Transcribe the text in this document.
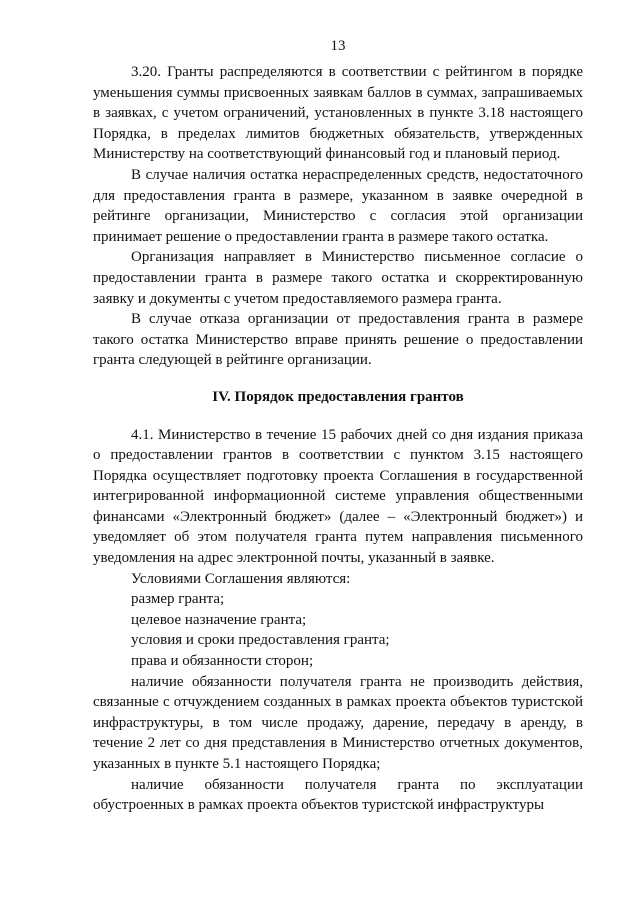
13

3.20. Гранты распределяются в соответствии с рейтингом в порядке уменьшения суммы присвоенных заявкам баллов в суммах, запрашиваемых в заявках, с учетом ограничений, установленных в пункте 3.18 настоящего Порядка, в пределах лимитов бюджетных обязательств, утвержденных Министерству на соответствующий финансовый год и плановый период.

В случае наличия остатка нераспределенных средств, недостаточного для предоставления гранта в размере, указанном в заявке очередной в рейтинге организации, Министерство с согласия этой организации принимает решение о предоставлении гранта в размере такого остатка.

Организация направляет в Министерство письменное согласие о предоставлении гранта в размере такого остатка и скорректированную заявку и документы с учетом предоставляемого размера гранта.

В случае отказа организации от предоставления гранта в размере такого остатка Министерство вправе принять решение о предоставлении гранта следующей в рейтинге организации.

IV. Порядок предоставления грантов

4.1. Министерство в течение 15 рабочих дней со дня издания приказа о предоставлении грантов в соответствии с пунктом 3.15 настоящего Порядка осуществляет подготовку проекта Соглашения в государственной интегрированной информационной системе управления общественными финансами «Электронный бюджет» (далее – «Электронный бюджет») и уведомляет об этом получателя гранта путем направления письменного уведомления на адрес электронной почты, указанный в заявке.

Условиями Соглашения являются:

размер гранта;

целевое назначение гранта;

условия и сроки предоставления гранта;

права и обязанности сторон;

наличие обязанности получателя гранта не производить действия, связанные с отчуждением созданных в рамках проекта объектов туристской инфраструктуры, в том числе продажу, дарение, передачу в аренду, в течение 2 лет со дня представления в Министерство отчетных документов, указанных в пункте 5.1 настоящего Порядка;

наличие обязанности получателя гранта по эксплуатации обустроенных в рамках проекта объектов туристской инфраструктуры
